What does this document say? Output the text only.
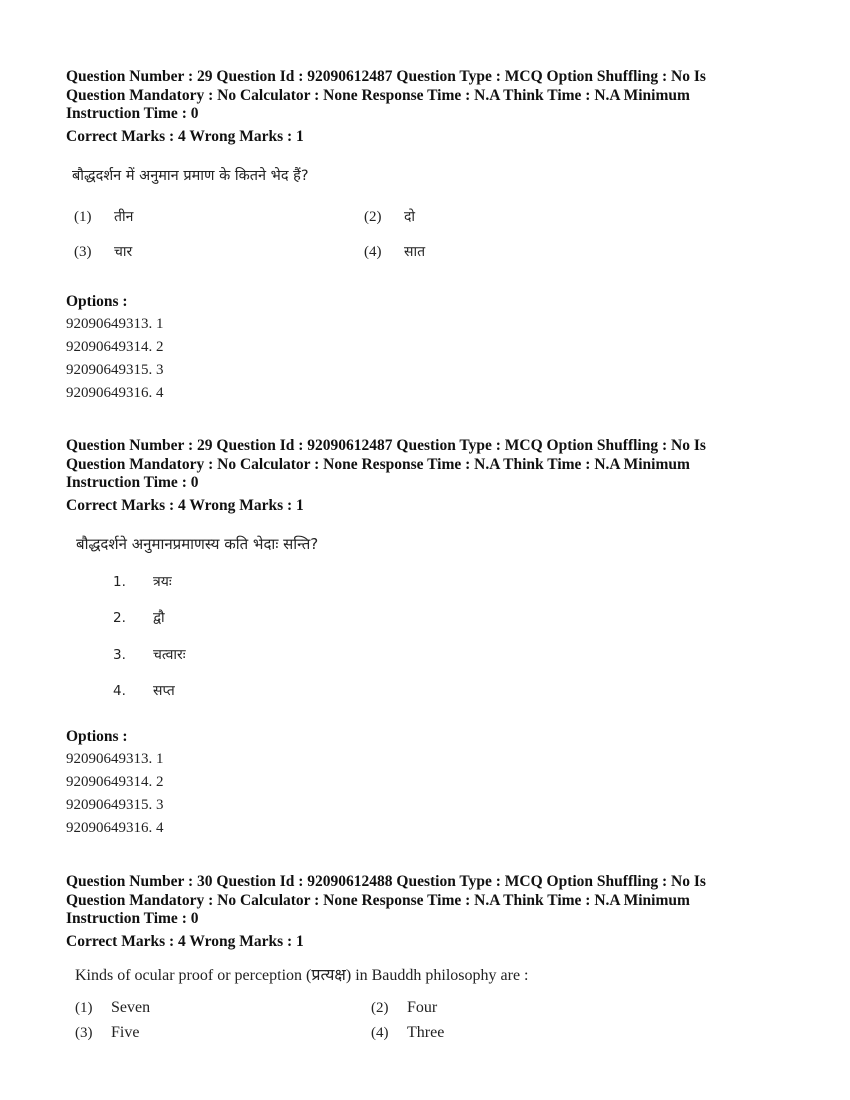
Question Number : 29 Question Id : 92090612487 Question Type : MCQ Option Shuffling : No Is

Question Mandatory : No Calculator : None Response Time : N.A Think Time : N.A Minimum

Instruction Time : 0

Correct Marks : 4 Wrong Marks : 1
बौद्धदर्शन में अनुमान प्रमाण के कितने भेद हैं?
(1) तीन	(2) दो
(3) चार	(4) सात
Options :
92090649313. 1
92090649314. 2
92090649315. 3
92090649316. 4

Question Number : 29 Question Id : 92090612487 Question Type : MCQ Option Shuffling : No Is

Question Mandatory : No Calculator : None Response Time : N.A Think Time : N.A Minimum

Instruction Time : 0

Correct Marks : 4 Wrong Marks : 1
बौद्धदर्शने अनुमानप्रमाणस्य कति भेदाः सन्ति?
1. त्रयः
2. द्वौ
3. चत्वारः
4. सप्त
Options :
92090649313. 1
92090649314. 2
92090649315. 3
92090649316. 4

Question Number : 30 Question Id : 92090612488 Question Type : MCQ Option Shuffling : No Is

Question Mandatory : No Calculator : None Response Time : N.A Think Time : N.A Minimum

Instruction Time : 0

Correct Marks : 4 Wrong Marks : 1
Kinds of ocular proof or perception (प्रत्यक्ष) in Bauddh philosophy are :
(1) Seven	(2) Four
(3) Five	(4) Three
